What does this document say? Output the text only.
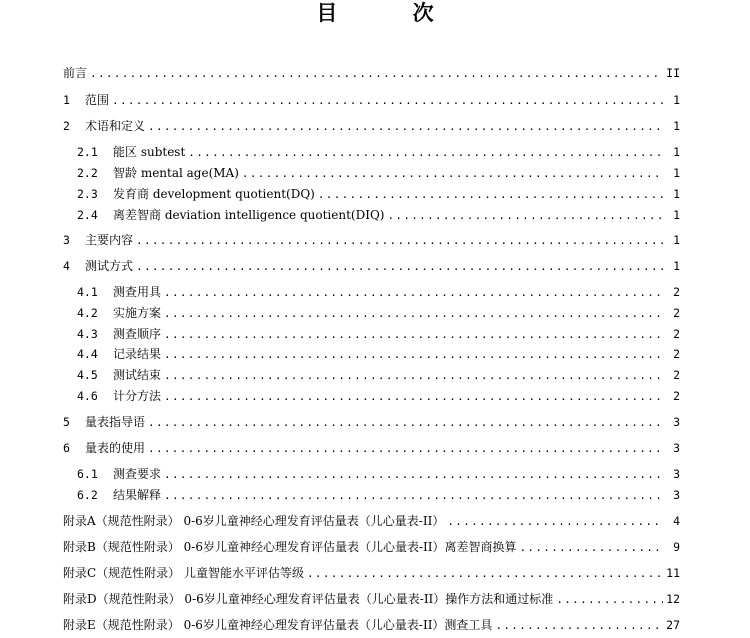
目 次
前言 .....	II
1	范围 .....	1
2	术语和定义 .....	1
2.1	能区 subtest .....	1
2.2	智龄 mental age(MA) .....	1
2.3	发育商 development quotient(DQ) .....	1
2.4	离差智商 deviation intelligence quotient(DIQ) .....	1
3	主要内容 .....	1
4	测试方式 .....	1
4.1	测查用具 .....	2
4.2	实施方案 .....	2
4.3	测查顺序 .....	2
4.4	记录结果 .....	2
4.5	测试结束 .....	2
4.6	计分方法 .....	2
5	量表指导语 .....	3
6	量表的使用 .....	3
6.1	测查要求 .....	3
6.2	结果解释 .....	3
附录A（规范性附录） 0-6岁儿童神经心理发育评估量表（儿心量表-II） .....	4
附录B（规范性附录） 0-6岁儿童神经心理发育评估量表（儿心量表-II）离差智商换算 .....	9
附录C（规范性附录） 儿童智能水平评估等级 .....	11
附录D（规范性附录） 0-6岁儿童神经心理发育评估量表（儿心量表-II）操作方法和通过标准 .....	12
附录E（规范性附录） 0-6岁儿童神经心理发育评估量表（儿心量表-II）测查工具 .....	27
